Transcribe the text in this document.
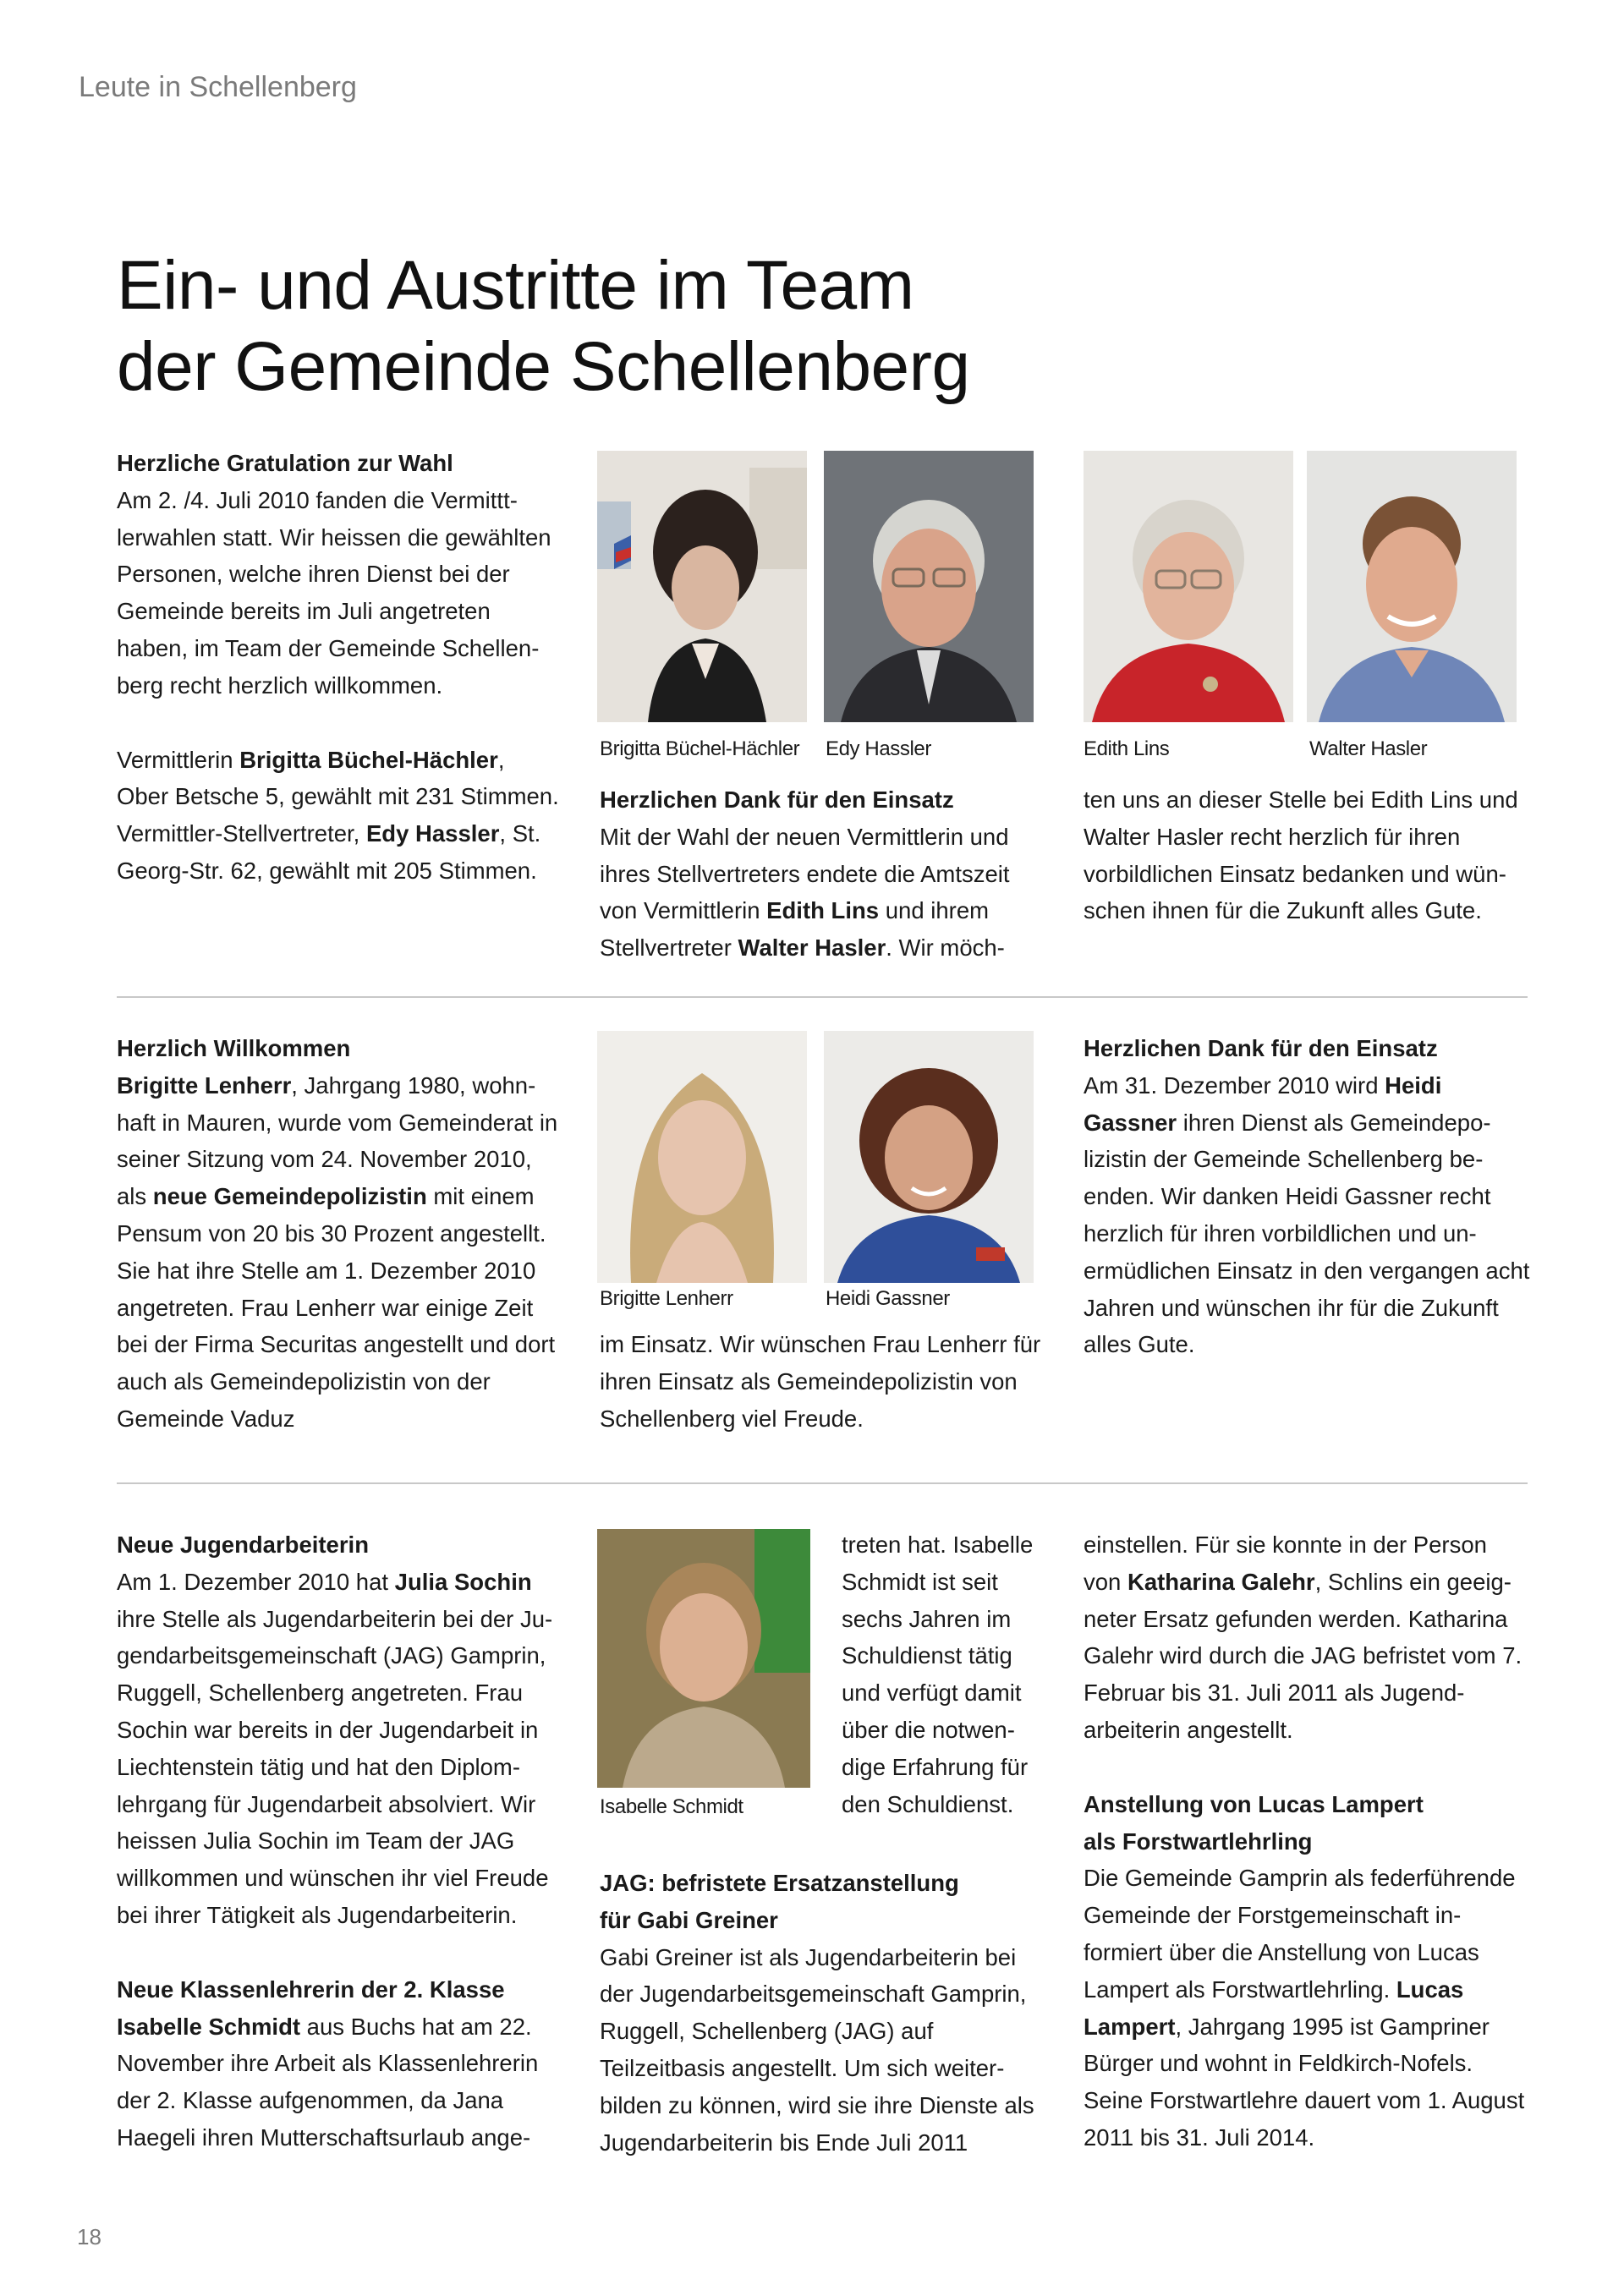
Leute in Schellenberg
Ein- und Austritte im Team
der Gemeinde Schellenberg

Herzliche Gratulation zur Wahl

Am 2. /4. Juli 2010 fanden die Vermitttlerwahlen statt. Wir heissen die gewählten Personen, welche ihren Dienst bei der Gemeinde bereits im Juli angetreten haben, im Team der Gemeinde Schellenberg recht herzlich willkommen.

Vermittlerin Brigitta Büchel-Hächler, Ober Betsche 5, gewählt mit 231 Stimmen. Vermittler-Stellvertreter, Edy Hassler, St. Georg-Str. 62, gewählt mit 205 Stimmen.

Brigitta Büchel-Hächler Edy Hassler	Edith Lins	Walter Hasler

Herzlichen Dank für den Einsatz

Mit der Wahl der neuen Vermittlerin und ihres Stellvertreters endete die Amtszeit von Vermittlerin Edith Lins und ihrem Stellvertreter Walter Hasler. Wir möch-

ten uns an dieser Stelle bei Edith Lins und Walter Hasler recht herzlich für ihren vorbildlichen Einsatz bedanken und wünschen ihnen für die Zukunft alles Gute.

Herzlich Willkommen

Brigitte Lenherr, Jahrgang 1980, wohnhaft in Mauren, wurde vom Gemeinderat in seiner Sitzung vom 24. November 2010, als neue Gemeindepolizistin mit einem Pensum von 20 bis 30 Prozent angestellt. Sie hat ihre Stelle am 1. Dezember 2010 angetreten. Frau Lenherr war einige Zeit bei der Firma Securitas angestellt und dort auch als Gemeindepolizistin von der Gemeinde Vaduz

Brigitte Lenherr	Heidi Gassner

im Einsatz. Wir wünschen Frau Lenherr für ihren Einsatz als Gemeindepolizistin von Schellenberg viel Freude.

Herzlichen Dank für den Einsatz

Am 31. Dezember 2010 wird Heidi Gassner ihren Dienst als Gemeindepolizistin der Gemeinde Schellenberg beenden. Wir danken Heidi Gassner recht herzlich für ihren vorbildlichen und unermüdlichen Einsatz in den vergangen acht Jahren und wünschen ihr für die Zukunft alles Gute.

Neue Jugendarbeiterin

Am 1. Dezember 2010 hat Julia Sochin ihre Stelle als Jugendarbeiterin bei der Jugendarbeitsgemeinschaft (JAG) Gamprin, Ruggell, Schellenberg angetreten. Frau Sochin war bereits in der Jugendarbeit in Liechtenstein tätig und hat den Diplomlehrgang für Jugendarbeit absolviert. Wir heissen Julia Sochin im Team der JAG willkommen und wünschen ihr viel Freude bei ihrer Tätigkeit als Jugendarbeiterin.

Neue Klassenlehrerin der 2. Klasse

Isabelle Schmidt aus Buchs hat am 22. November ihre Arbeit als Klassenlehrerin der 2. Klasse aufgenommen, da Jana Haegeli ihren Mutterschaftsurlaub ange-

Isabelle Schmidt

treten hat. Isabelle Schmidt ist seit sechs Jahren im Schuldienst tätig und verfügt damit über die notwendige Erfahrung für den Schuldienst.

JAG: befristete Ersatzanstellung
für Gabi Greiner

Gabi Greiner ist als Jugendarbeiterin bei der Jugendarbeitsgemeinschaft Gamprin, Ruggell, Schellenberg (JAG) auf Teilzeitbasis angestellt. Um sich weiterbilden zu können, wird sie ihre Dienste als Jugendarbeiterin bis Ende Juli 2011

einstellen. Für sie konnte in der Person von Katharina Galehr, Schlins ein geeigneter Ersatz gefunden werden. Katharina Galehr wird durch die JAG befristet vom 7. Februar bis 31. Juli 2011 als Jugendarbeiterin angestellt.

Anstellung von Lucas Lampert
als Forstwartlehrling

Die Gemeinde Gamprin als federführende Gemeinde der Forstgemeinschaft informiert über die Anstellung von Lucas Lampert als Forstwartlehrling. Lucas Lampert, Jahrgang 1995 ist Gampriner Bürger und wohnt in Feldkirch-Nofels. Seine Forstwartlehre dauert vom 1. August 2011 bis 31. Juli 2014.

18
